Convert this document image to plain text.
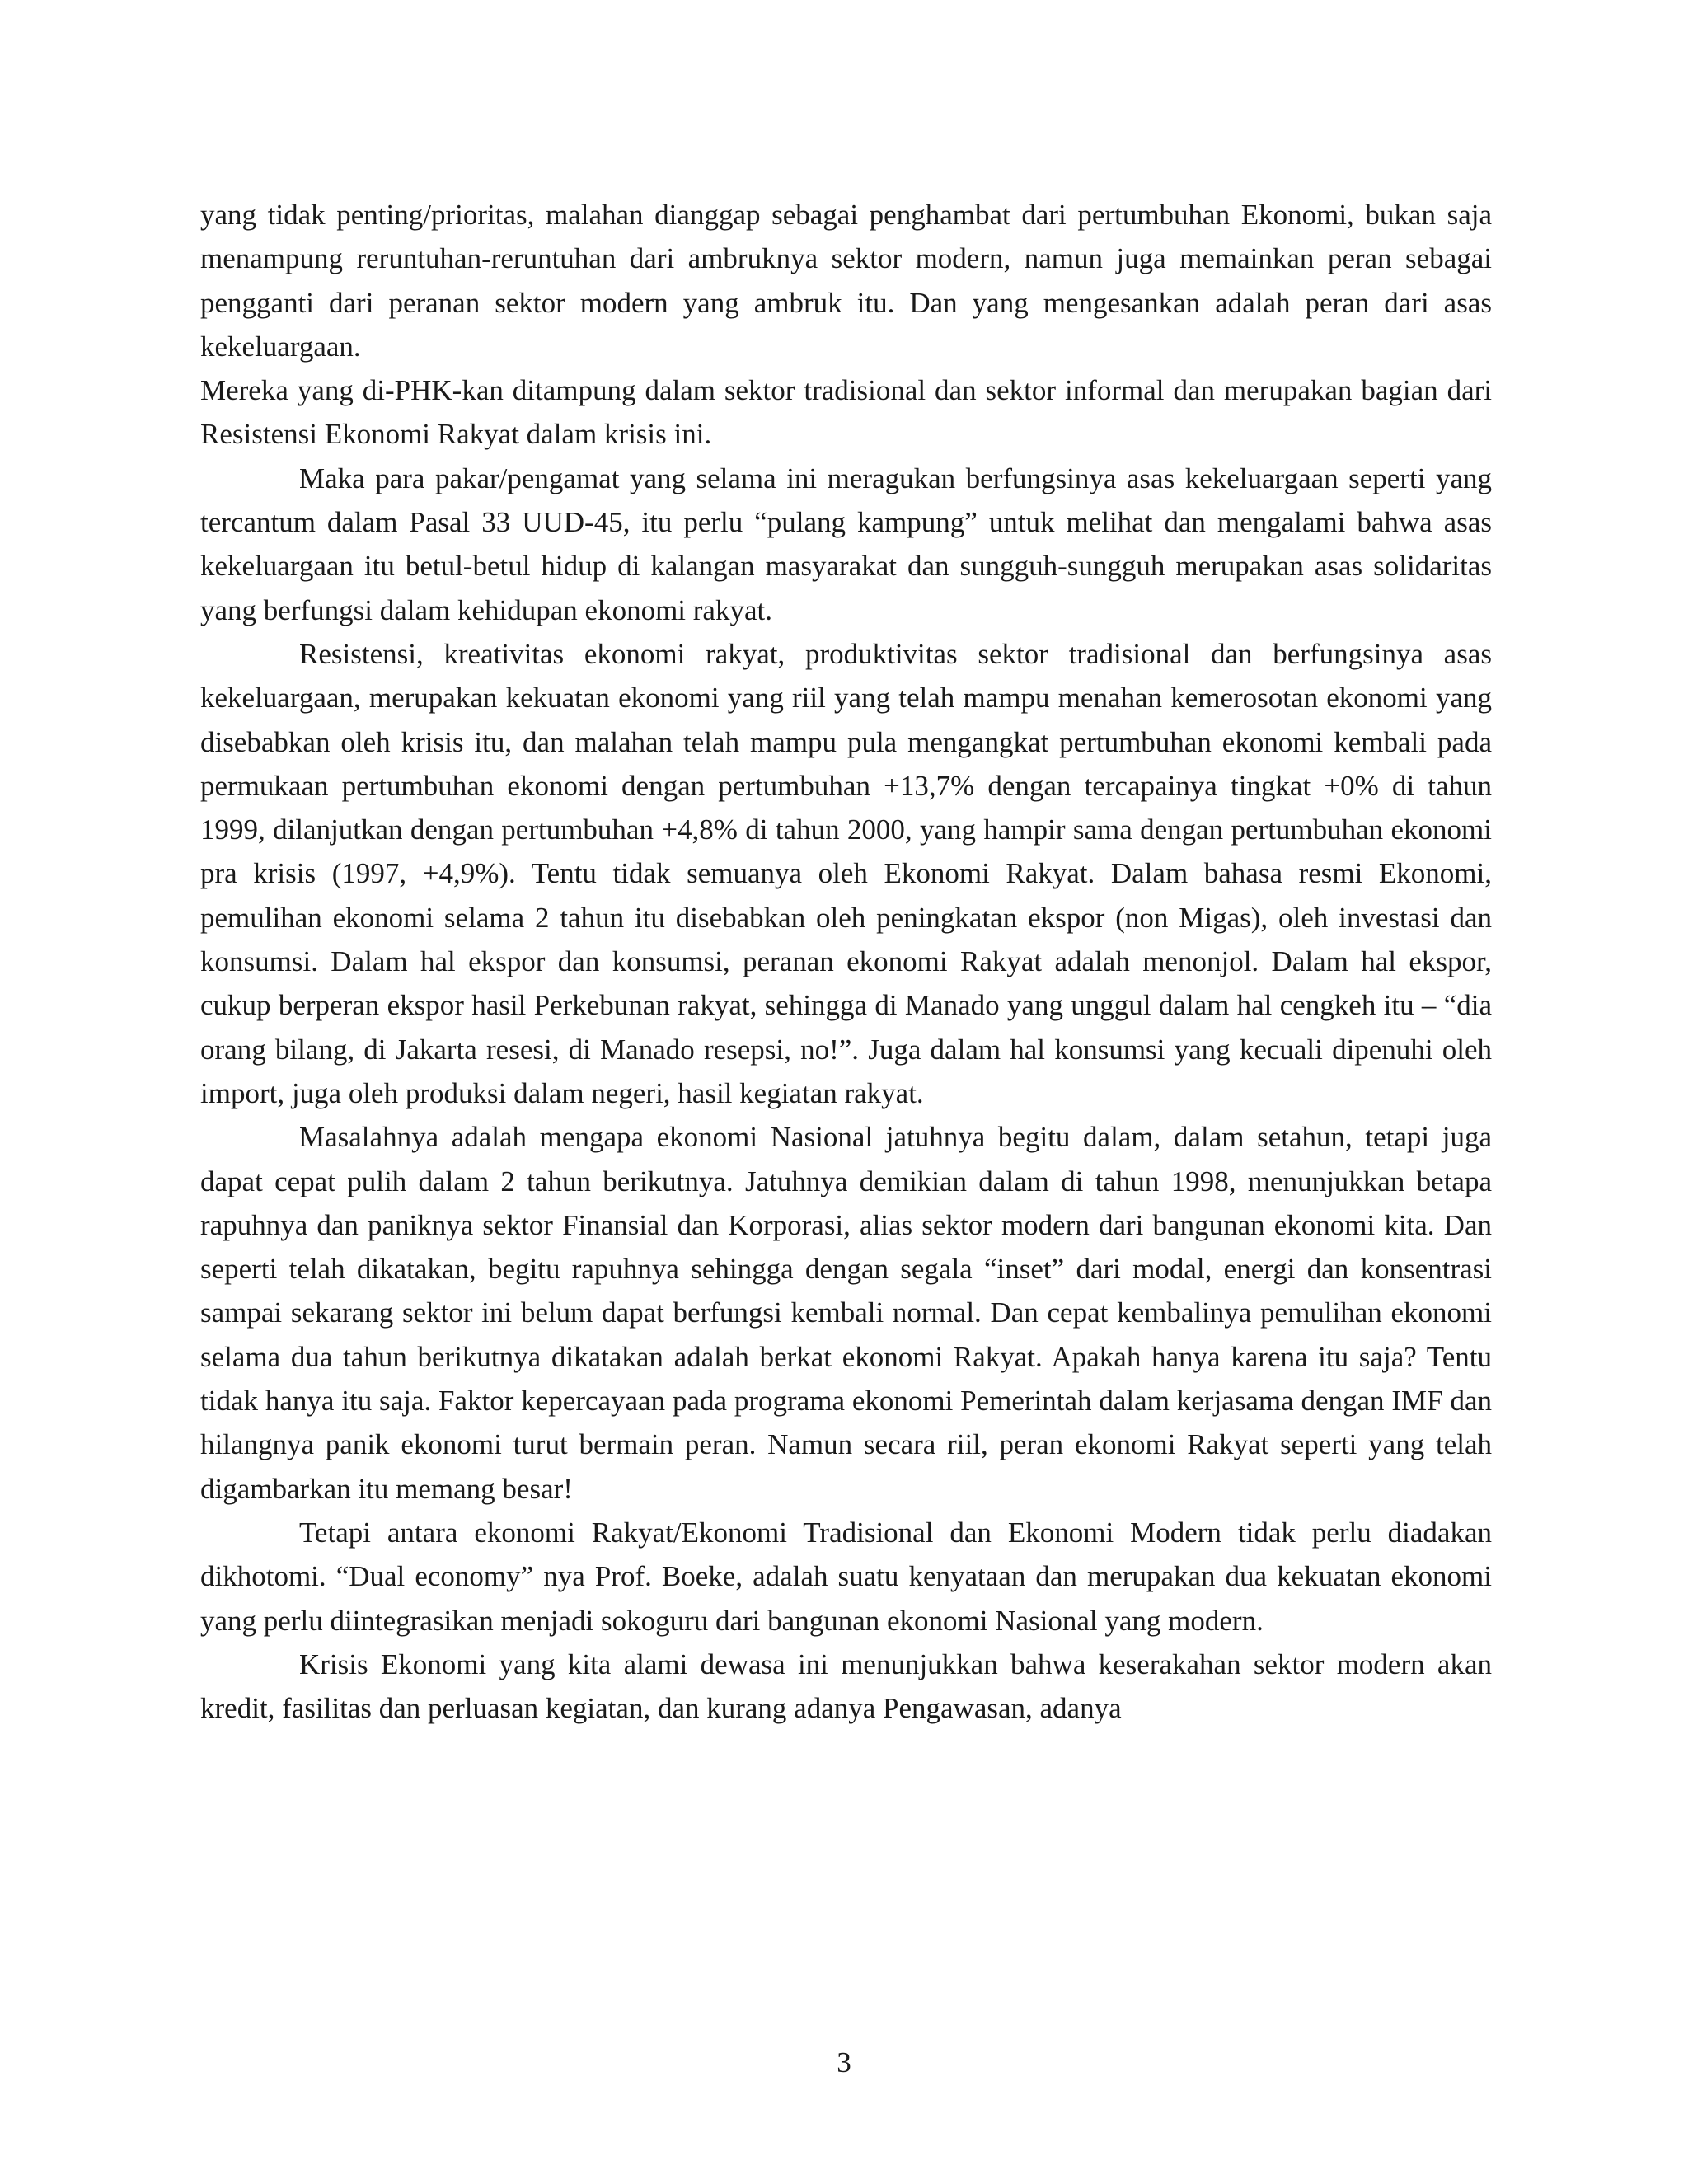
yang tidak penting/prioritas, malahan dianggap sebagai penghambat dari pertumbuhan Ekonomi, bukan saja menampung reruntuhan-reruntuhan dari ambruknya sektor modern, namun juga memainkan peran sebagai pengganti dari peranan sektor modern yang ambruk itu. Dan yang mengesankan adalah peran dari asas kekeluargaan.

Mereka yang di-PHK-kan ditampung dalam sektor tradisional dan sektor informal dan merupakan bagian dari Resistensi Ekonomi Rakyat dalam krisis ini.

Maka para pakar/pengamat yang selama ini meragukan berfungsinya asas kekeluargaan seperti yang tercantum dalam Pasal 33 UUD-45, itu perlu “pulang kampung” untuk melihat dan mengalami bahwa asas kekeluargaan itu betul-betul hidup di kalangan masyarakat dan sungguh-sungguh merupakan asas solidaritas yang berfungsi dalam kehidupan ekonomi rakyat.

Resistensi, kreativitas ekonomi rakyat, produktivitas sektor tradisional dan berfungsinya asas kekeluargaan, merupakan kekuatan ekonomi yang riil yang telah mampu menahan kemerosotan ekonomi yang disebabkan oleh krisis itu, dan malahan telah mampu pula mengangkat pertumbuhan ekonomi kembali pada permukaan pertumbuhan ekonomi dengan pertumbuhan +13,7% dengan tercapainya tingkat +0% di tahun 1999, dilanjutkan dengan pertumbuhan +4,8% di tahun 2000, yang hampir sama dengan pertumbuhan ekonomi pra krisis (1997, +4,9%). Tentu tidak semuanya oleh Ekonomi Rakyat. Dalam bahasa resmi Ekonomi, pemulihan ekonomi selama 2 tahun itu disebabkan oleh peningkatan ekspor (non Migas), oleh investasi dan konsumsi. Dalam hal ekspor dan konsumsi, peranan ekonomi Rakyat adalah menonjol. Dalam hal ekspor, cukup berperan ekspor hasil Perkebunan rakyat, sehingga di Manado yang unggul dalam hal cengkeh itu – “dia orang bilang, di Jakarta resesi, di Manado resepsi, no!”. Juga dalam hal konsumsi yang kecuali dipenuhi oleh import, juga oleh produksi dalam negeri, hasil kegiatan rakyat.

Masalahnya adalah mengapa ekonomi Nasional jatuhnya begitu dalam, dalam setahun, tetapi juga dapat cepat pulih dalam 2 tahun berikutnya. Jatuhnya demikian dalam di tahun 1998, menunjukkan betapa rapuhnya dan paniknya sektor Finansial dan Korporasi, alias sektor modern dari bangunan ekonomi kita. Dan seperti telah dikatakan, begitu rapuhnya sehingga dengan segala “inset” dari modal, energi dan konsentrasi sampai sekarang sektor ini belum dapat berfungsi kembali normal. Dan cepat kembalinya pemulihan ekonomi selama dua tahun berikutnya dikatakan adalah berkat ekonomi Rakyat. Apakah hanya karena itu saja? Tentu tidak hanya itu saja. Faktor kepercayaan pada programa ekonomi Pemerintah dalam kerjasama dengan IMF dan hilangnya panik ekonomi turut bermain peran. Namun secara riil, peran ekonomi Rakyat seperti yang telah digambarkan itu memang besar!

Tetapi antara ekonomi Rakyat/Ekonomi Tradisional dan Ekonomi Modern tidak perlu diadakan dikhotomi. “Dual economy” nya Prof. Boeke, adalah suatu kenyataan dan merupakan dua kekuatan ekonomi yang perlu diintegrasikan menjadi sokoguru dari bangunan ekonomi Nasional yang modern.

Krisis Ekonomi yang kita alami dewasa ini menunjukkan bahwa keserakahan sektor modern akan kredit, fasilitas dan perluasan kegiatan, dan kurang adanya Pengawasan, adanya

3
